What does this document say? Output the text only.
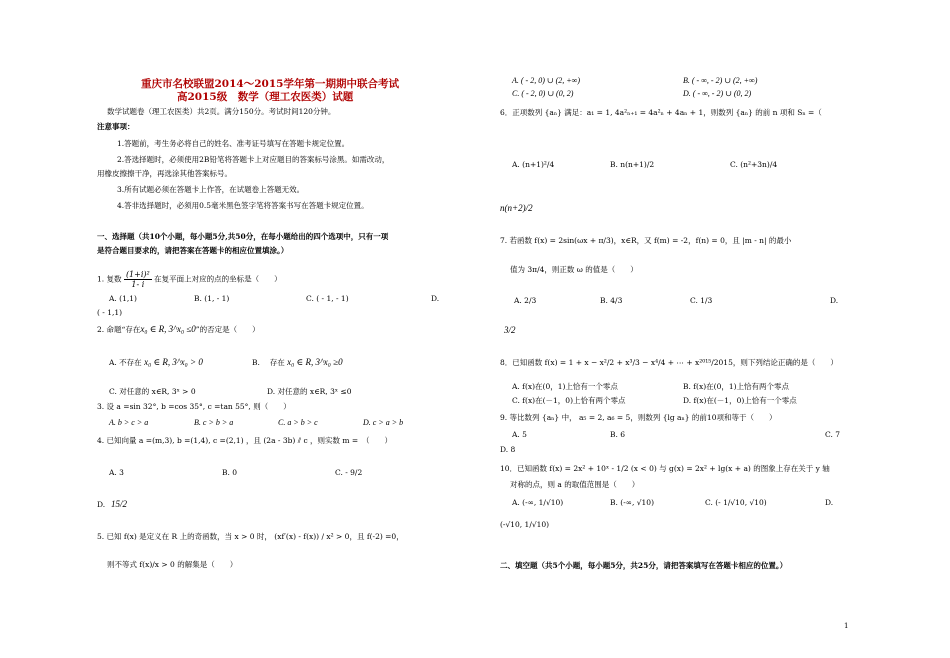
重庆市名校联盟2014～2015学年第一期期中联合考试
高2015级　数学（理工农医类）试题
数学试题卷（理工农医类）共2页。满分150分。考试时间120分钟。
注意事项：
1.答题前，考生务必将自己的姓名、准考证号填写在答题卡规定位置。
2.答选择题时，必须使用2B铅笔将答题卡上对应题目的答案标号涂黑。如需改动，
用橡皮擦擦干净，再选涂其他答案标号。
3.所有试题必须在答题卡上作答，在试题卷上答题无效。
4.答非选择题时，必须用0.5毫米黑色签字笔将答案书写在答题卡规定位置。
一、选择题（共10个小题，每小题5分,共50分，在每小题给出的四个选项中，只有一项
是符合题目要求的，请把答案在答题卡的相应位置填涂。）
1. 复数 $\frac{\text{(1+i)²}}{1- i}$ 在复平面上对应的点的坐标是（　　）
A. (1,1)	B. (1, - 1)	C. ( - 1, - 1)	D.
( - 1,1)
2. 命题“存在x₀ ∈ R, 3^x₀ ≤0”的否定是（　　）
A. 不存在 x₀ ∈ R, 3^x₀ > 0	B.　 存在 x₀ ∈ R, 3^x₀ ≥0
C. 对任意的 x∈R, 3ˣ > 0	D. 对任意的 x∈R, 3ˣ ≤0
3. 设 a =sin 32°, b =cos 35°, c =tan 55°, 则（　　）
A. b > c > a	B. c > b > a	C. a > b > c	D. c > a > b
4. 已知向量 a =(m,3), b =(1,4), c =(2,1) ，且 (2a - 3b) ⫽ c ，则实数 m =　（　　）
A. 3	B. 0	C. - 9/2
D. 15/2
5. 已知 f(x) 是定义在 R 上的奇函数，当 x > 0 时， (xf′(x) - f(x)) / x² > 0，且 f(-2) =0，
则不等式 f(x)/x > 0 的解集是（　　）
A. ( - 2, 0) ∪ (2, +∞)	B. ( - ∞, - 2) ∪ (2, +∞)
C. ( - 2, 0) ∪ (0, 2)	D. ( - ∞, - 2) ∪ (0, 2)
6．正项数列 {aₙ} 满足：a₁ = 1, 4a²ₙ₊₁ = 4a²ₙ + 4aₙ + 1，则数列 {aₙ} 的前 n 项和 Sₙ =（
A. (n+1)²/4	B. n(n+1)/2	C. (n²+3n)/4
n(n+2)/2
7. 若函数 f(x) = 2sin(ωx + π/3)，x∈R，又 f(m) = -2，f(n) = 0，且 |m - n| 的最小
值为 3π/4，则正数 ω 的值是（　　）
A. 2/3	B. 4/3	C. 1/3	D.
3/2
8．已知函数 f(x) = 1 + x − x²/2 + x³/3 − x⁴/4 + ⋯ + x²⁰¹⁵/2015，则下列结论正确的是（　　）
A. f(x)在(0，1)上恰有一个零点	B. f(x)在(0，1)上恰有两个零点
C. f(x)在(－1，0)上恰有两个零点	D. f(x)在(－1，0)上恰有一个零点
9. 等比数列 {aₙ} 中， a₅ = 2, a₆ = 5，则数列 {lg aₙ} 的前10项和等于（　　）
A. 5	B. 6	C. 7
D. 8
10．已知函数 f(x) = 2x² + 10ˣ - 1/2 (x < 0) 与 g(x) = 2x² + lg(x + a) 的图象上存在关于 y 轴
对称的点，则 a 的取值范围是（　　）
A. (-∞, 1/√10)	B. (-∞, √10)	C. (- 1/√10, √10)	D.
(-√10, 1/√10)
二、填空题（共5个小题，每小题5分，共25分，请把答案填写在答题卡相应的位置。）
1
